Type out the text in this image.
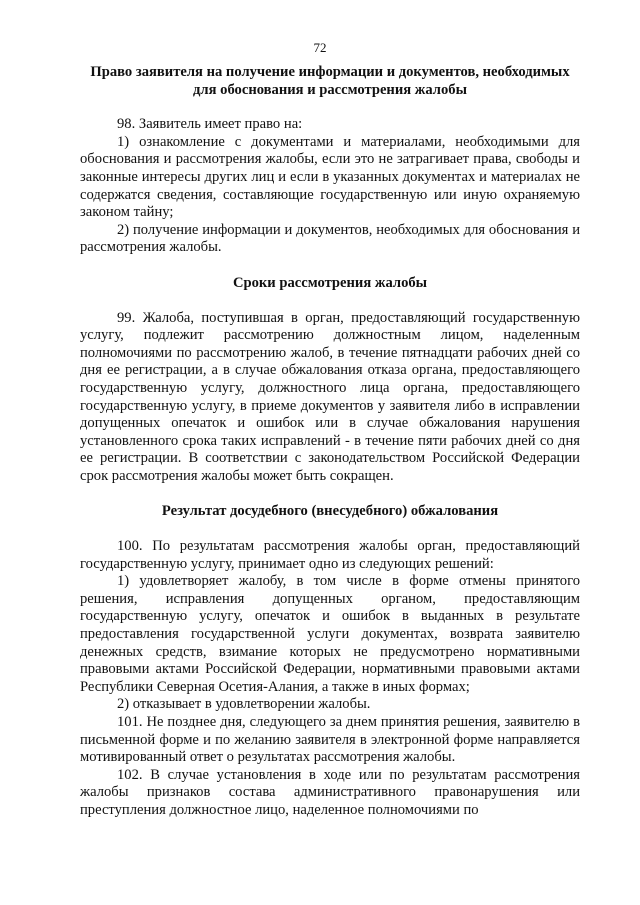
72

Право заявителя на получение информации и документов, необходимых для обоснования и рассмотрения жалобы

98. Заявитель имеет право на:

1) ознакомление с документами и материалами, необходимыми для обоснования и рассмотрения жалобы, если это не затрагивает права, свободы и законные интересы других лиц и если в указанных документах и материалах не содержатся сведения, составляющие государственную или иную охраняемую законом тайну;

2) получение информации и документов, необходимых для обоснования и рассмотрения жалобы.

Сроки рассмотрения жалобы

99. Жалоба, поступившая в орган, предоставляющий государственную услугу, подлежит рассмотрению должностным лицом, наделенным полномочиями по рассмотрению жалоб, в течение пятнадцати рабочих дней со дня ее регистрации, а в случае обжалования отказа органа, предоставляющего государственную услугу, должностного лица органа, предоставляющего государственную услугу, в приеме документов у заявителя либо в исправлении допущенных опечаток и ошибок или в случае обжалования нарушения установленного срока таких исправлений - в течение пяти рабочих дней со дня ее регистрации. В соответствии с законодательством Российской Федерации срок рассмотрения жалобы может быть сокращен.

Результат досудебного (внесудебного) обжалования

100. По результатам рассмотрения жалобы орган, предоставляющий государственную услугу, принимает одно из следующих решений:

1) удовлетворяет жалобу, в том числе в форме отмены принятого решения, исправления допущенных органом, предоставляющим государственную услугу, опечаток и ошибок в выданных в результате предоставления государственной услуги документах, возврата заявителю денежных средств, взимание которых не предусмотрено нормативными правовыми актами Российской Федерации, нормативными правовыми актами Республики Северная Осетия-Алания, а также в иных формах;

2) отказывает в удовлетворении жалобы.

101. Не позднее дня, следующего за днем принятия решения, заявителю в письменной форме и по желанию заявителя в электронной форме направляется мотивированный ответ о результатах рассмотрения жалобы.

102. В случае установления в ходе или по результатам рассмотрения жалобы признаков состава административного правонарушения или преступления должностное лицо, наделенное полномочиями по
